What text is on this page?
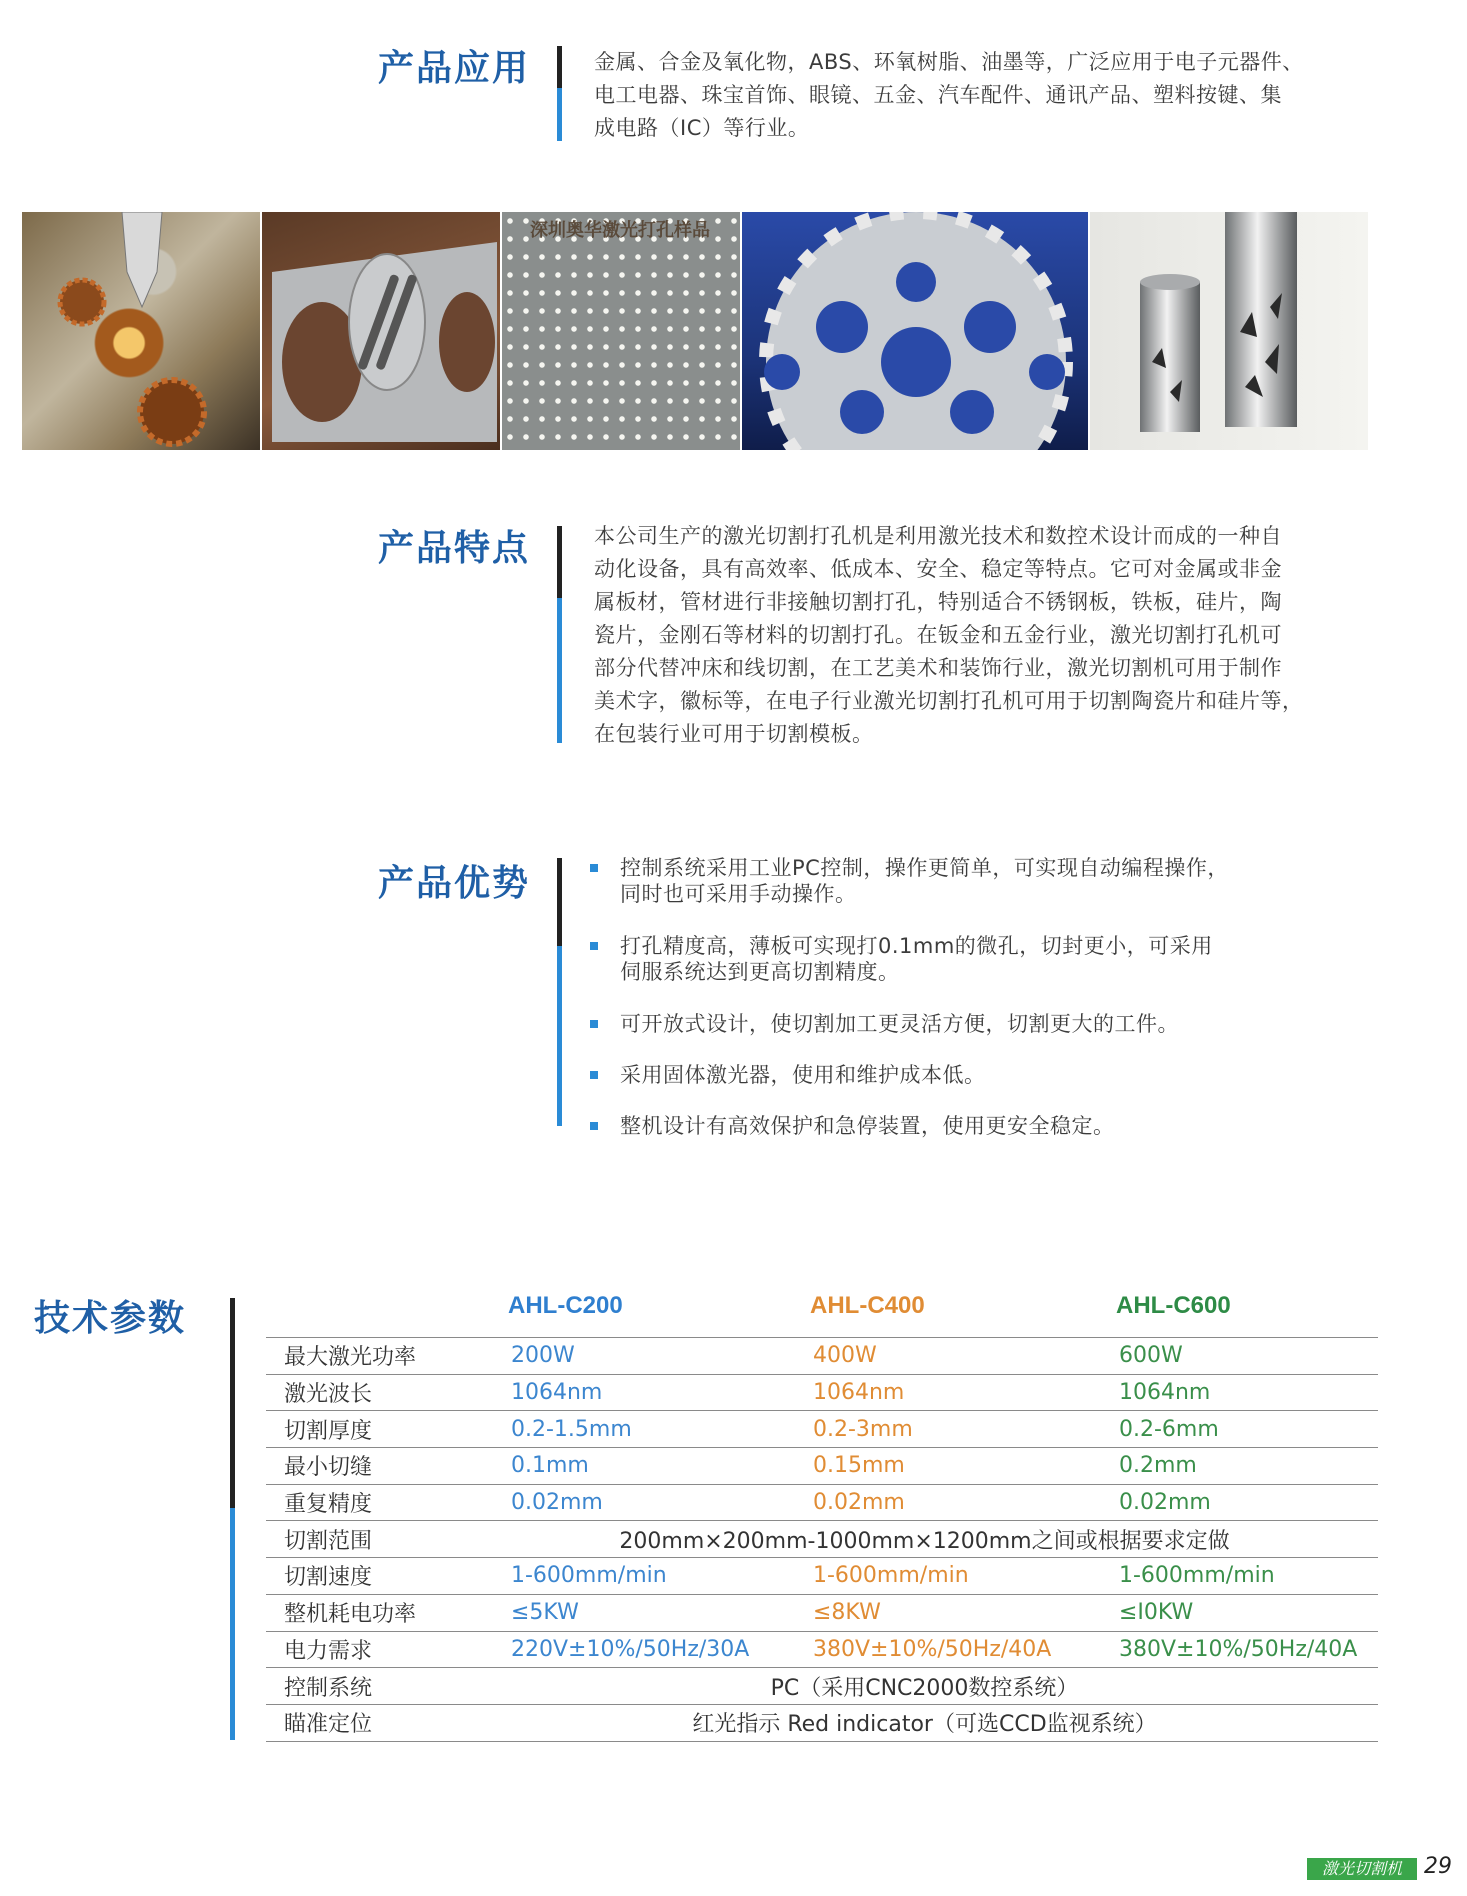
产品应用	金属、合金及氧化物，ABS、环氧树脂、油墨等，广泛应用于电子元器件、
电工电器、珠宝首饰、眼镜、五金、汽车配件、通讯产品、塑料按键、集
成电路（IC）等行业。
深圳奥华激光打孔样品
产品特点	本公司生产的激光切割打孔机是利用激光技术和数控术设计而成的一种自
动化设备，具有高效率、低成本、安全、稳定等特点。它可对金属或非金
属板材，管材进行非接触切割打孔，特别适合不锈钢板，铁板，硅片，陶
瓷片，金刚石等材料的切割打孔。在钣金和五金行业，激光切割打孔机可
部分代替冲床和线切割，在工艺美术和装饰行业，激光切割机可用于制作
美术字，徽标等，在电子行业激光切割打孔机可用于切割陶瓷片和硅片等，
在包装行业可用于切割模板。
产品优势	控制系统采用工业PC控制，操作更简单，可实现自动编程操作，
同时也可采用手动操作。
打孔精度高，薄板可实现打0.1mm的微孔，切封更小，可采用
伺服系统达到更高切割精度。
可开放式设计，使切割加工更灵活方便，切割更大的工件。
采用固体激光器，使用和维护成本低。
整机设计有高效保护和急停装置，使用更安全稳定。
技术参数	AHL-C200	AHL-C400	AHL-C600
最大激光功率	200W	400W	600W
激光波长	1064nm	1064nm	1064nm
切割厚度	0.2-1.5mm	0.2-3mm	0.2-6mm
最小切缝	0.1mm	0.15mm	0.2mm
重复精度	0.02mm	0.02mm	0.02mm
切割范围	200mm×200mm-1000mm×1200mm之间或根据要求定做		
切割速度	1-600mm/min	1-600mm/min	1-600mm/min
整机耗电功率	≤5KW	≤8KW	≤I0KW
电力需求	220V±10%/50Hz/30A	380V±10%/50Hz/40A	380V±10%/50Hz/40A
控制系统	PC（采用CNC2000数控系统）		
瞄准定位	红光指示 Red indicator（可选CCD监视系统）		
激光切割机	29
